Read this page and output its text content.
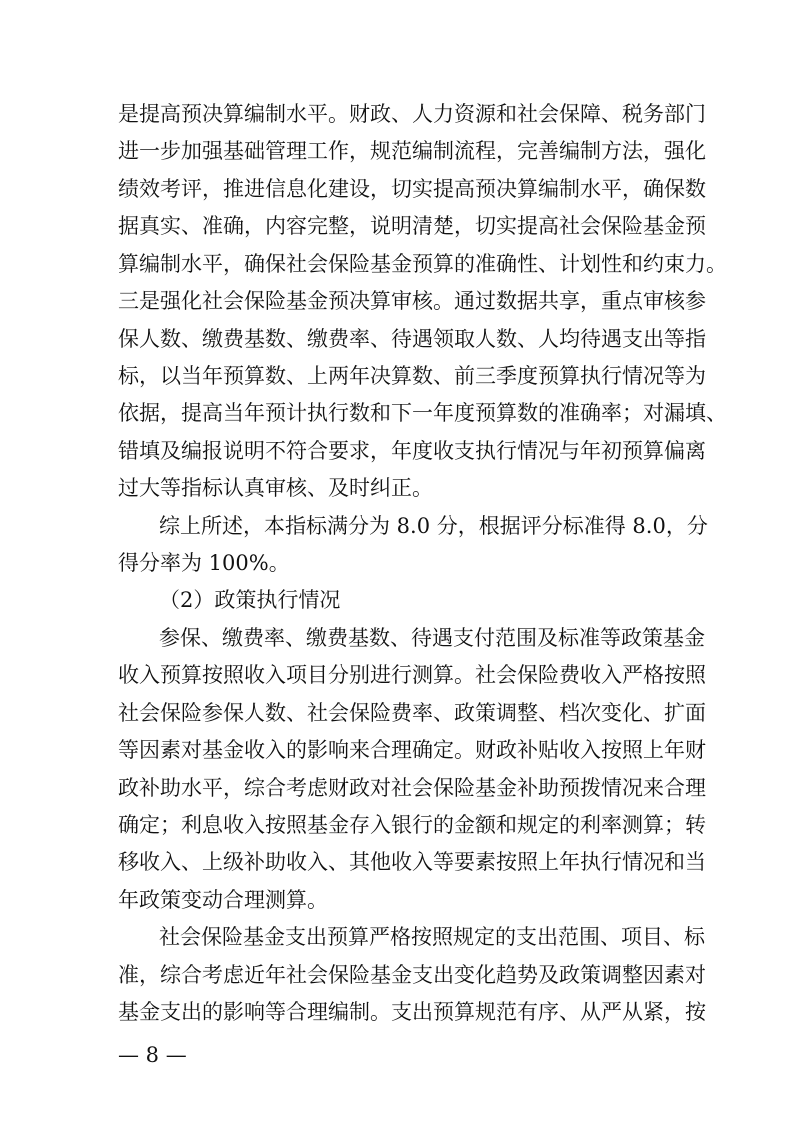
是提高预决算编制水平。财政、人力资源和社会保障、税务部门
进一步加强基础管理工作，规范编制流程，完善编制方法，强化
绩效考评，推进信息化建设，切实提高预决算编制水平，确保数
据真实、准确，内容完整，说明清楚，切实提高社会保险基金预
算编制水平，确保社会保险基金预算的准确性、计划性和约束力。
三是强化社会保险基金预决算审核。通过数据共享，重点审核参
保人数、缴费基数、缴费率、待遇领取人数、人均待遇支出等指
标，以当年预算数、上两年决算数、前三季度预算执行情况等为
依据，提高当年预计执行数和下一年度预算数的准确率；对漏填、
错填及编报说明不符合要求，年度收支执行情况与年初预算偏离
过大等指标认真审核、及时纠正。
综上所述，本指标满分为 8.0 分，根据评分标准得 8.0，分
得分率为 100%。
（2）政策执行情况
参保、缴费率、缴费基数、待遇支付范围及标准等政策基金
收入预算按照收入项目分别进行测算。社会保险费收入严格按照
社会保险参保人数、社会保险费率、政策调整、档次变化、扩面
等因素对基金收入的影响来合理确定。财政补贴收入按照上年财
政补助水平，综合考虑财政对社会保险基金补助预拨情况来合理
确定；利息收入按照基金存入银行的金额和规定的利率测算；转
移收入、上级补助收入、其他收入等要素按照上年执行情况和当
年政策变动合理测算。
社会保险基金支出预算严格按照规定的支出范围、项目、标
准，综合考虑近年社会保险基金支出变化趋势及政策调整因素对
基金支出的影响等合理编制。支出预算规范有序、从严从紧，按
— 8 —
